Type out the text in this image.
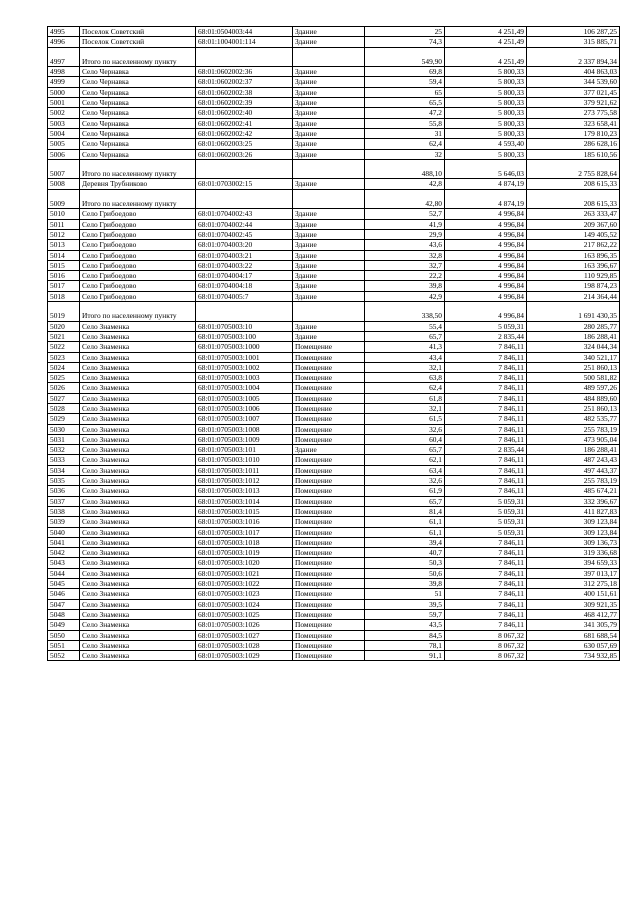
4995	Поселок Советский	68:01:0504003:44	Здание	25	4 251,49	106 287,25
4996	Поселок Советский	68:01:1004001:114	Здание	74,3	4 251,49	315 885,71
4997	Итого по населенному пункту			549,90	4 251,49	2 337 894,34
4998	Село Чернавка	68:01:0602002:36	Здание	69,8	5 800,33	404 863,03
4999	Село Чернавка	68:01:0602002:37	Здание	59,4	5 800,33	344 539,60
5000	Село Чернавка	68:01:0602002:38	Здание	65	5 800,33	377 021,45
5001	Село Чернавка	68:01:0602002:39	Здание	65,5	5 800,33	379 921,62
5002	Село Чернавка	68:01:0602002:40	Здание	47,2	5 800,33	273 775,58
5003	Село Чернавка	68:01:0602002:41	Здание	55,8	5 800,33	323 658,41
5004	Село Чернавка	68:01:0602002:42	Здание	31	5 800,33	179 810,23
5005	Село Чернавка	68:01:0602003:25	Здание	62,4	4 593,40	286 628,16
5006	Село Чернавка	68:01:0602003:26	Здание	32	5 800,33	185 610,56
5007	Итого по населенному пункту			488,10	5 646,03	2 755 828,64
5008	Деревня Трубниково	68:01:0703002:15	Здание	42,8	4 874,19	208 615,33
5009	Итого по населенному пункту			42,80	4 874,19	208 615,33
5010	Село Грибоедово	68:01:0704002:43	Здание	52,7	4 996,84	263 333,47
5011	Село Грибоедово	68:01:0704002:44	Здание	41,9	4 996,84	209 367,60
5012	Село Грибоедово	68:01:0704002:45	Здание	29,9	4 996,84	149 405,52
5013	Село Грибоедово	68:01:0704003:20	Здание	43,6	4 996,84	217 862,22
5014	Село Грибоедово	68:01:0704003:21	Здание	32,8	4 996,84	163 896,35
5015	Село Грибоедово	68:01:0704003:22	Здание	32,7	4 996,84	163 396,67
5016	Село Грибоедово	68:01:0704004:17	Здание	22,2	4 996,84	110 929,85
5017	Село Грибоедово	68:01:0704004:18	Здание	39,8	4 996,84	198 874,23
5018	Село Грибоедово	68:01:0704005:7	Здание	42,9	4 996,84	214 364,44
5019	Итого по населенному пункту			338,50	4 996,84	1 691 430,35
5020	Село Знаменка	68:01:0705003:10	Здание	55,4	5 059,31	280 285,77
5021	Село Знаменка	68:01:0705003:100	Здание	65,7	2 835,44	186 288,41
5022	Село Знаменка	68:01:0705003:1000	Помещение	41,3	7 846,11	324 044,34
5023	Село Знаменка	68:01:0705003:1001	Помещение	43,4	7 846,11	340 521,17
5024	Село Знаменка	68:01:0705003:1002	Помещение	32,1	7 846,11	251 860,13
5025	Село Знаменка	68:01:0705003:1003	Помещение	63,8	7 846,11	500 581,82
5026	Село Знаменка	68:01:0705003:1004	Помещение	62,4	7 846,11	489 597,26
5027	Село Знаменка	68:01:0705003:1005	Помещение	61,8	7 846,11	484 889,60
5028	Село Знаменка	68:01:0705003:1006	Помещение	32,1	7 846,11	251 860,13
5029	Село Знаменка	68:01:0705003:1007	Помещение	61,5	7 846,11	482 535,77
5030	Село Знаменка	68:01:0705003:1008	Помещение	32,6	7 846,11	255 783,19
5031	Село Знаменка	68:01:0705003:1009	Помещение	60,4	7 846,11	473 905,04
5032	Село Знаменка	68:01:0705003:101	Здание	65,7	2 835,44	186 288,41
5033	Село Знаменка	68:01:0705003:1010	Помещение	62,1	7 846,11	487 243,43
5034	Село Знаменка	68:01:0705003:1011	Помещение	63,4	7 846,11	497 443,37
5035	Село Знаменка	68:01:0705003:1012	Помещение	32,6	7 846,11	255 783,19
5036	Село Знаменка	68:01:0705003:1013	Помещение	61,9	7 846,11	485 674,21
5037	Село Знаменка	68:01:0705003:1014	Помещение	65,7	5 059,31	332 396,67
5038	Село Знаменка	68:01:0705003:1015	Помещение	81,4	5 059,31	411 827,83
5039	Село Знаменка	68:01:0705003:1016	Помещение	61,1	5 059,31	309 123,84
5040	Село Знаменка	68:01:0705003:1017	Помещение	61,1	5 059,31	309 123,84
5041	Село Знаменка	68:01:0705003:1018	Помещение	39,4	7 846,11	309 136,73
5042	Село Знаменка	68:01:0705003:1019	Помещение	40,7	7 846,11	319 336,68
5043	Село Знаменка	68:01:0705003:1020	Помещение	50,3	7 846,11	394 659,33
5044	Село Знаменка	68:01:0705003:1021	Помещение	50,6	7 846,11	397 013,17
5045	Село Знаменка	68:01:0705003:1022	Помещение	39,8	7 846,11	312 275,18
5046	Село Знаменка	68:01:0705003:1023	Помещение	51	7 846,11	400 151,61
5047	Село Знаменка	68:01:0705003:1024	Помещение	39,5	7 846,11	309 921,35
5048	Село Знаменка	68:01:0705003:1025	Помещение	59,7	7 846,11	468 412,77
5049	Село Знаменка	68:01:0705003:1026	Помещение	43,5	7 846,11	341 305,79
5050	Село Знаменка	68:01:0705003:1027	Помещение	84,5	8 067,32	681 688,54
5051	Село Знаменка	68:01:0705003:1028	Помещение	78,1	8 067,32	630 057,69
5052	Село Знаменка	68:01:0705003:1029	Помещение	91,1	8 067,32	734 932,85
